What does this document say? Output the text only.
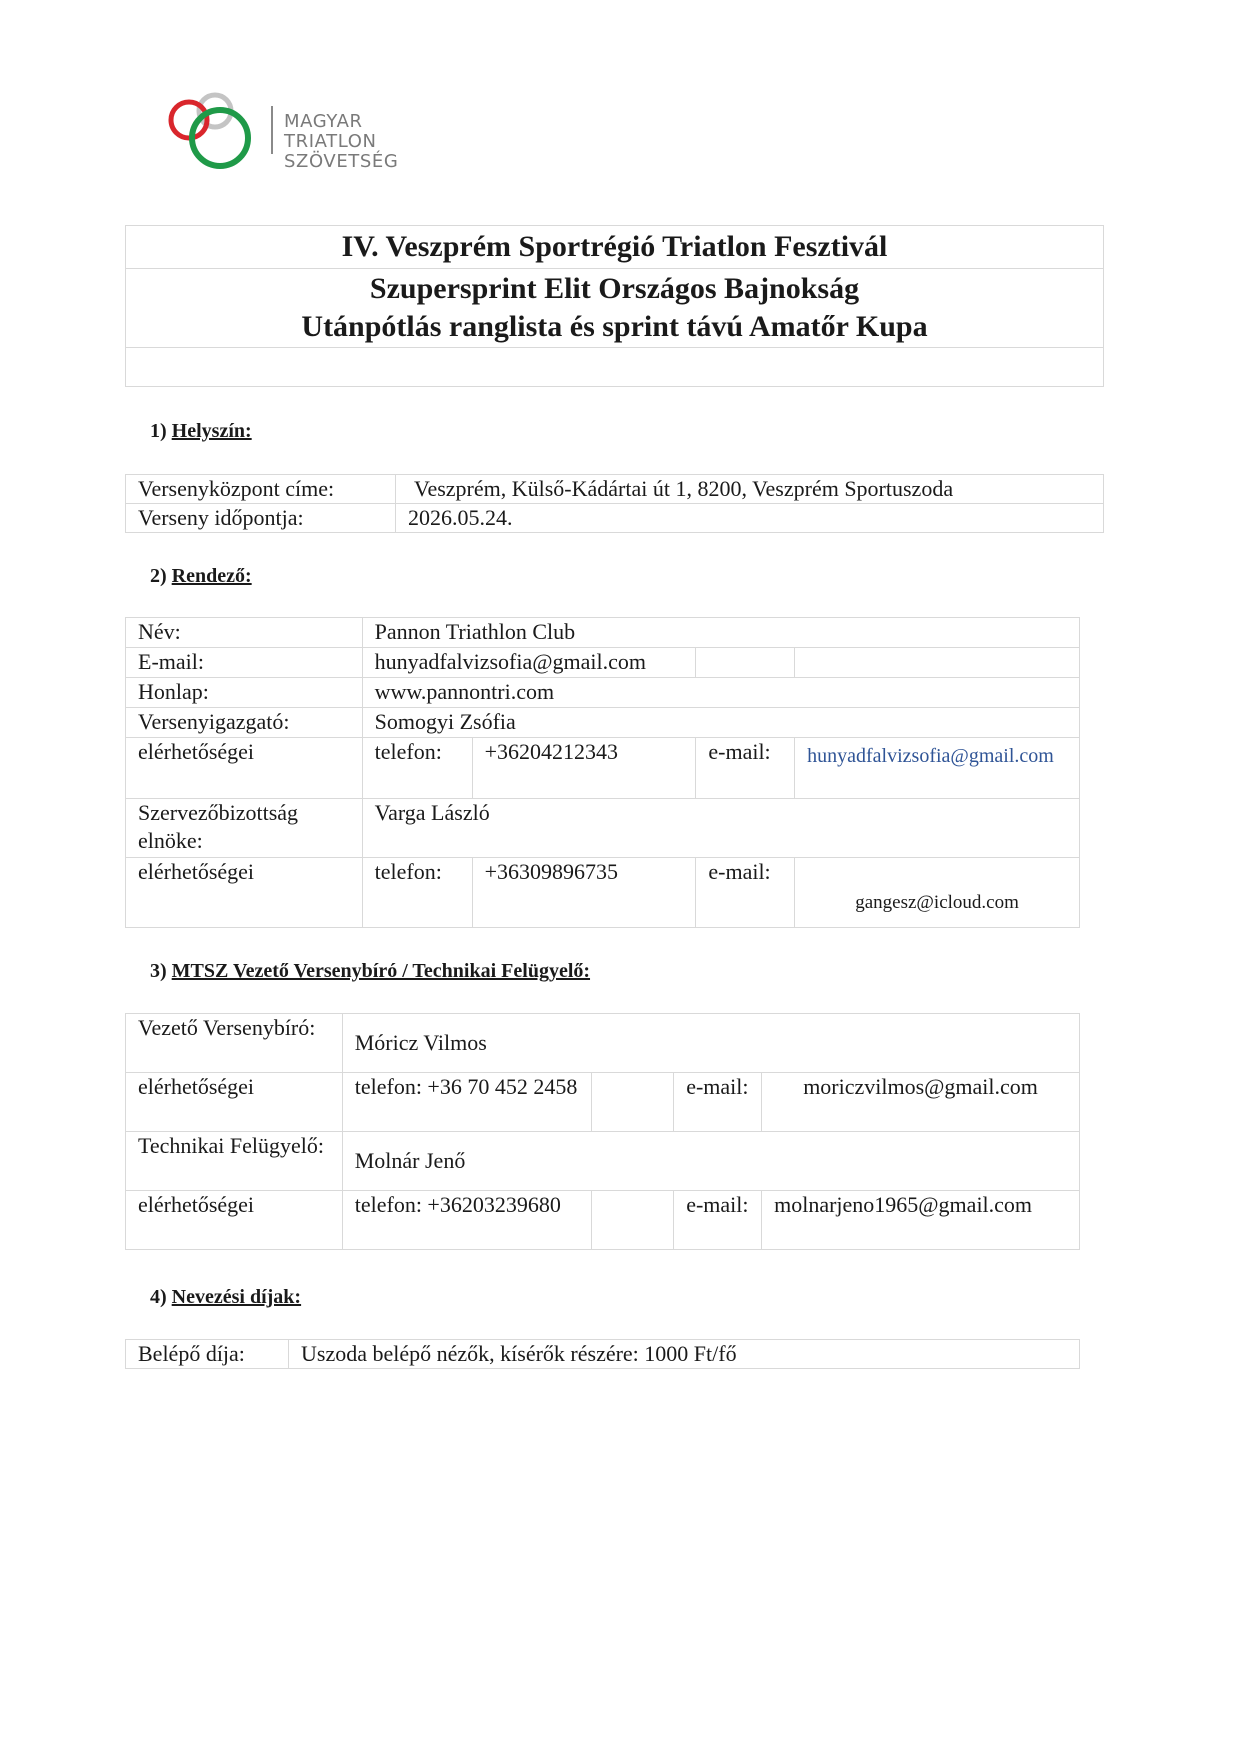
MAGYAR
TRIATLON SZÖVETSÉG
IV. Veszprém Sportrégió Triatlon Fesztivál
Szupersprint Elit Országos Bajnokság
Utánpótlás ranglista és sprint távú Amatőr Kupa
1) Helyszín:
Versenyközpont címe:	Veszprém, Külső-Kádártai út 1, 8200, Veszprém Sportuszoda
Verseny időpontja:	2026.05.24.
2) Rendező:
Név:	Pannon Triathlon Club			
E-mail:	hunyadfalvizsofia@gmail.com			
Honlap:	www.pannontri.com			
Versenyigazgató:	Somogyi Zsófia			
elérhetőségei	telefon:	+36204212343	e-mail:	hunyadfalvizsofia@gmail.com
Szervezőbizottság elnöke:	Varga László			
elérhetőségei	telefon:	+36309896735	e-mail:	gangesz@icloud.com
3) MTSZ Vezető Versenybíró / Technikai Felügyelő:
Vezető Versenybíró:	Móricz Vilmos			
elérhetőségei	telefon: +36 70 452 2458		e-mail:	moriczvilmos@gmail.com
Technikai Felügyelő:	Molnár Jenő			
elérhetőségei	telefon: +36203239680		e-mail:	molnarjeno1965@gmail.com
4) Nevezési díjak:
Belépő díja:	Uszoda belépő nézők, kísérők részére: 1000 Ft/fő
